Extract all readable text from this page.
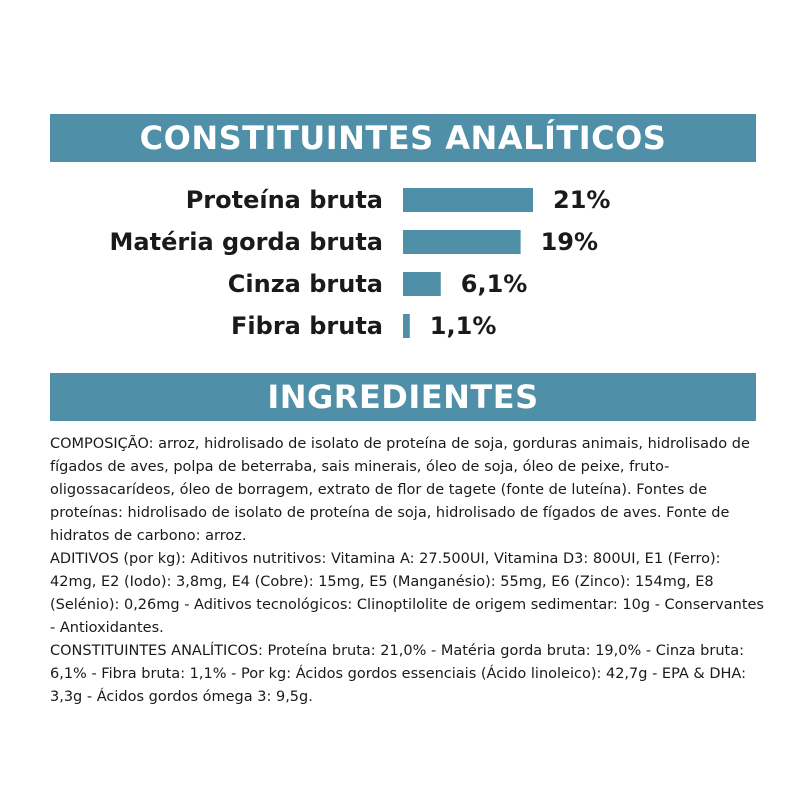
CONSTITUINTES ANALÍTICOS
Proteína bruta	21%
Matéria gorda bruta	19%
Cinza bruta	6,1%
Fibra bruta 1,1%
INGREDIENTES

COMPOSIÇÃO: arroz, hidrolisado de isolato de proteína de soja, gorduras animais, hidrolisado de fígados de aves, polpa de beterraba, sais minerais, óleo de soja, óleo de peixe, fruto-oligossacarídeos, óleo de borragem, extrato de flor de tagete (fonte de luteína). Fontes de proteínas: hidrolisado de isolato de proteína de soja, hidrolisado de fígados de aves. Fonte de hidratos de carbono: arroz.

ADITIVOS (por kg): Aditivos nutritivos: Vitamina A: 27.500UI, Vitamina D3: 800UI, E1 (Ferro): 42mg, E2 (Iodo): 3,8mg, E4 (Cobre): 15mg, E5 (Manganésio): 55mg, E6 (Zinco): 154mg, E8 (Selénio): 0,26mg - Aditivos tecnológicos: Clinoptilolite de origem sedimentar: 10g - Conservantes - Antioxidantes.

CONSTITUINTES ANALÍTICOS: Proteína bruta: 21,0% - Matéria gorda bruta: 19,0% - Cinza bruta: 6,1% - Fibra bruta: 1,1% - Por kg: Ácidos gordos essenciais (Ácido linoleico): 42,7g - EPA & DHA: 3,3g - Ácidos gordos ómega 3: 9,5g.
